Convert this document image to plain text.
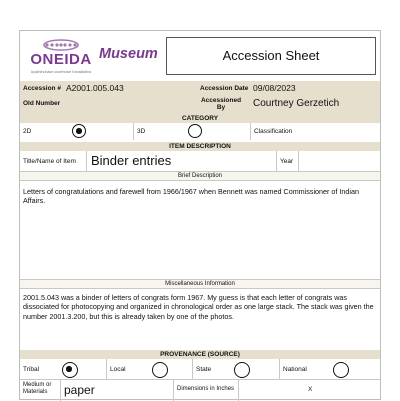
ONEIDA
Ayakhinuhake ukwehuwe Kanaktatiha
Museum	Accession Sheet
Accession # A2001.005.043	Accession Date 09/08/2023
Old Number	Accessioned By	Courtney Gerzetich
CATEGORY
2D	3D	Classification
ITEM DESCRIPTION
Title/Name of Item Binder entries	Year
Brief Description
Letters of congratulations and farewell from 1966/1967 when Bennett was named Commissioner of Indian Affairs.
Miscellaneous Information
2001.5.043 was a binder of letters of congrats form 1967. My guess is that each letter of congrats was dissociated for photocopying and organized in chronological order as one large stack. The stack was given the number 2001.3.200, but this is already taken by one of the photos.
PROVENANCE (SOURCE)
Tribal	Local	State	National
Medium or Materials	paper	Dimensions in Inches	X
